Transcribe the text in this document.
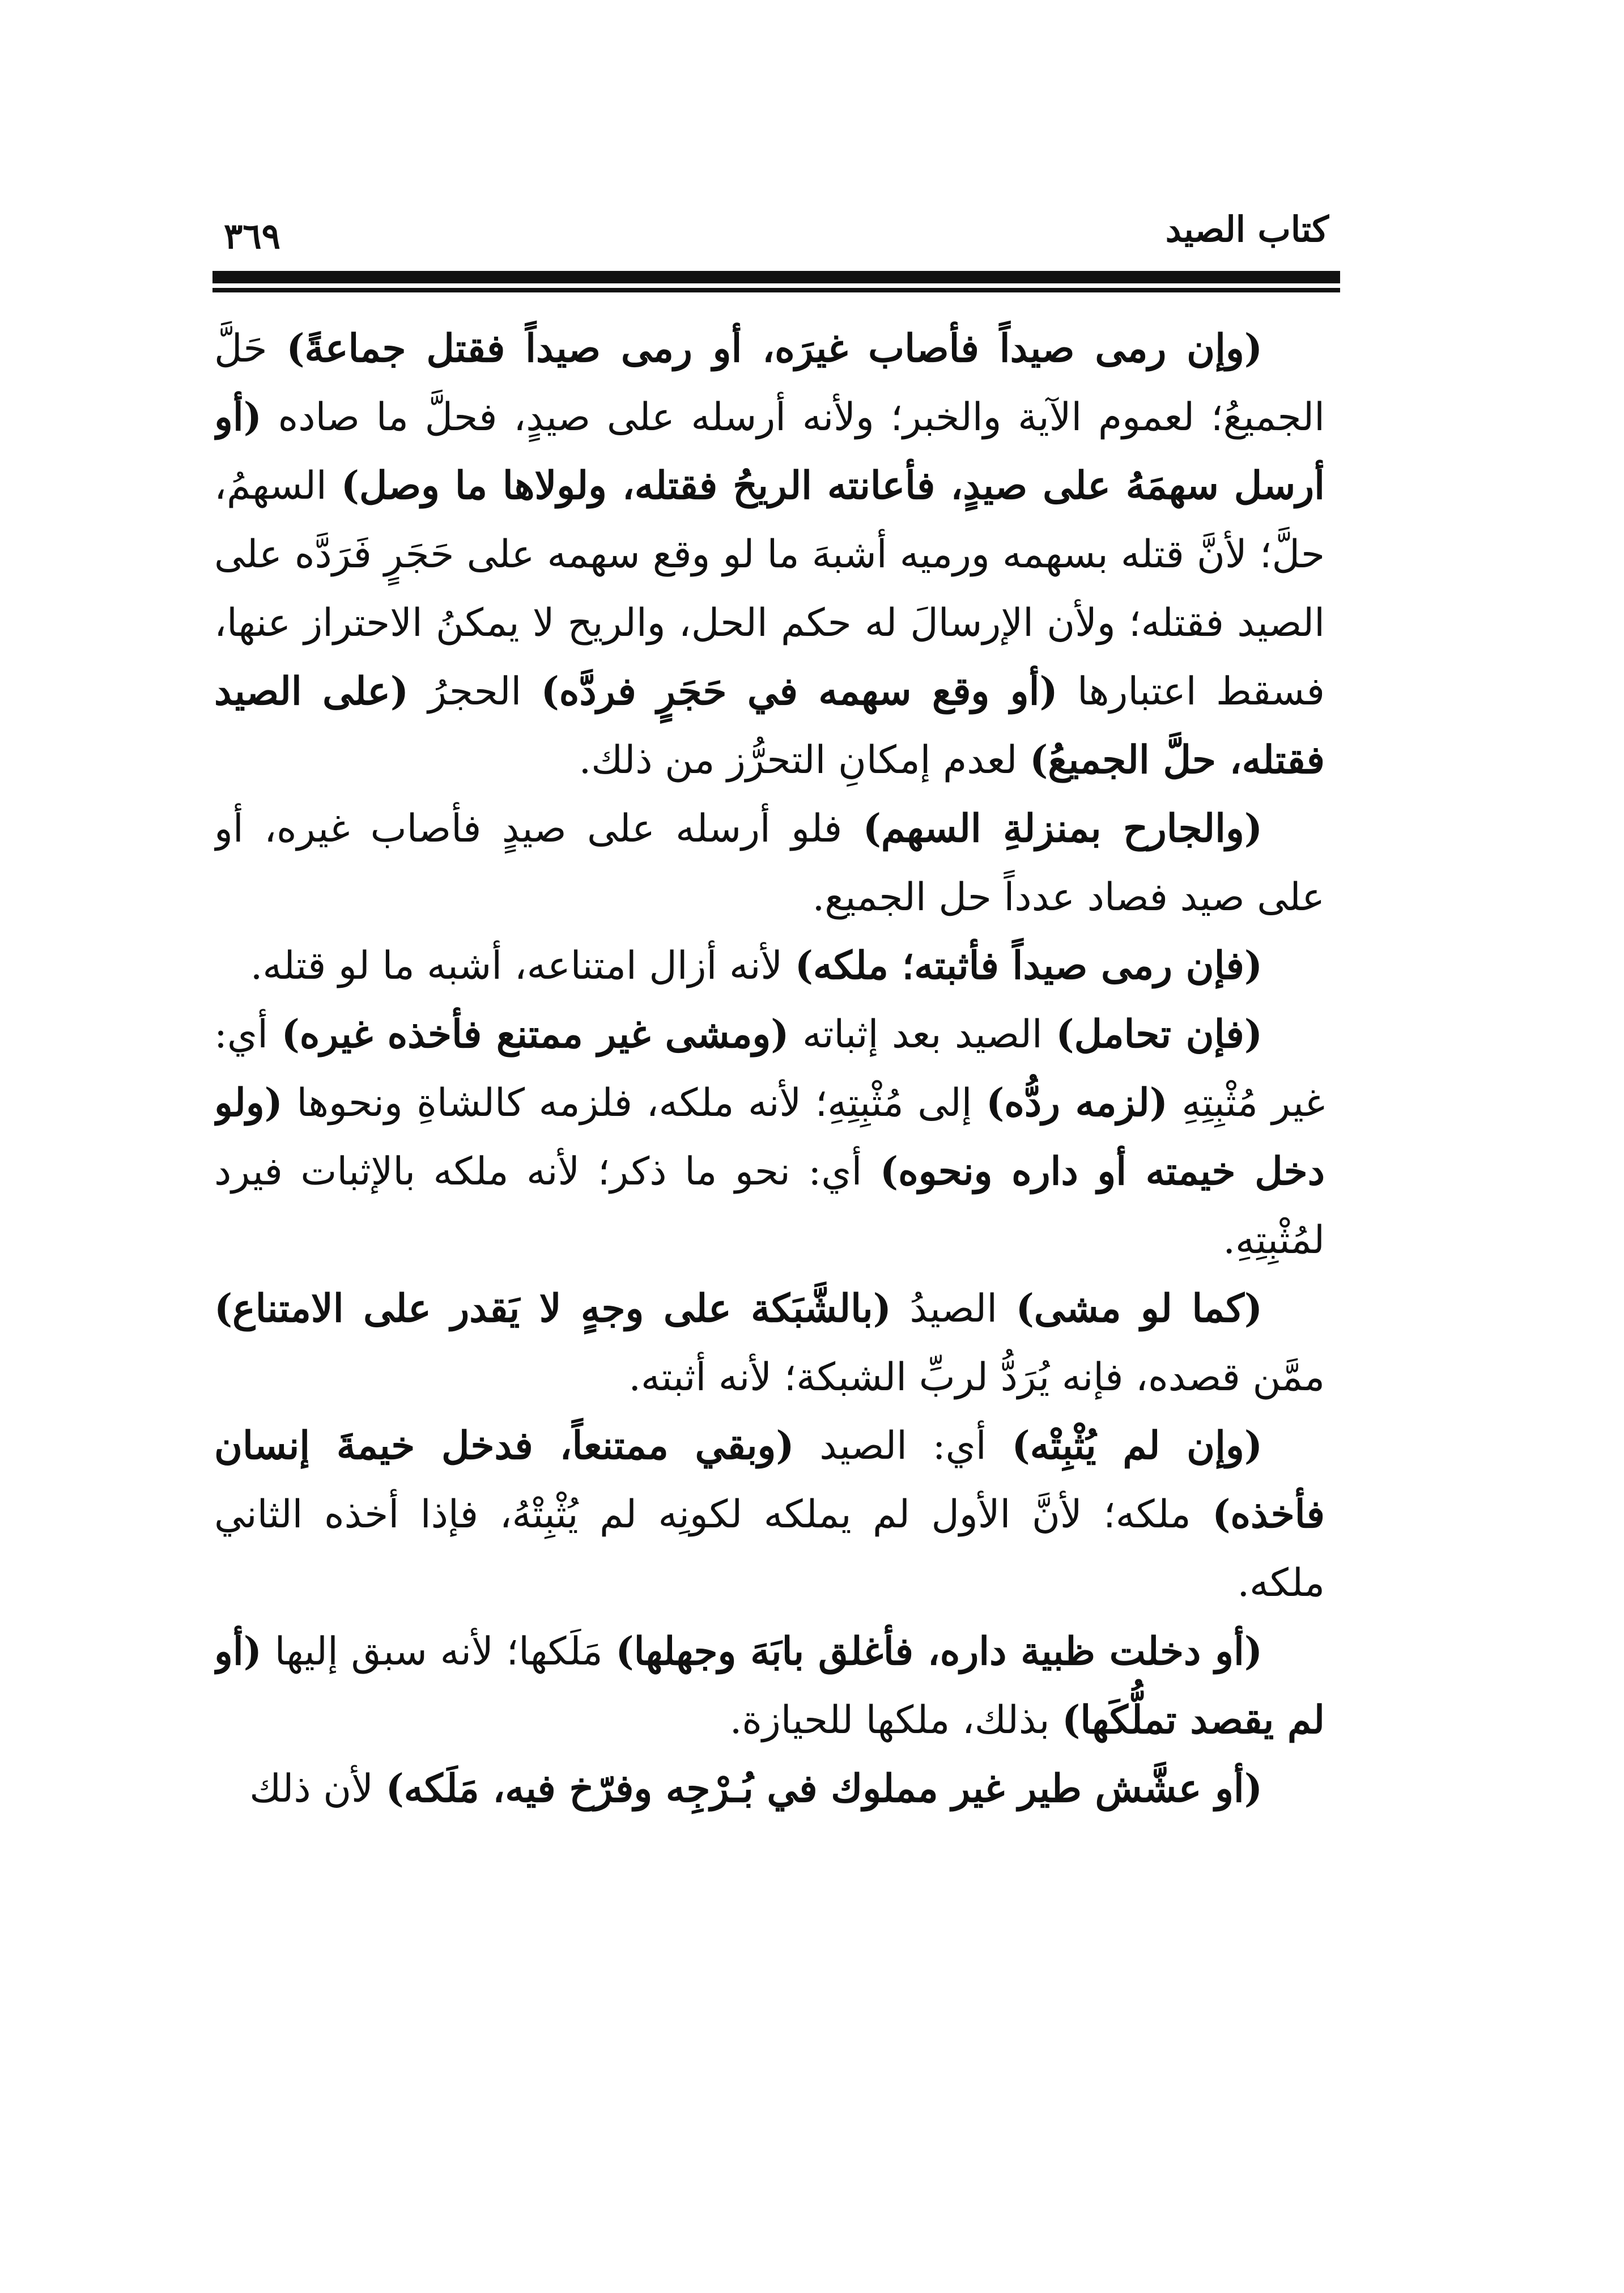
كتاب الصيد
٣٦٩

(وإن رمى صيداً فأصاب غيرَه، أو رمى صيداً فقتل جماعةً) حَلَّ الجميعُ؛ لعموم الآية والخبر؛ ولأنه أرسله على صيدٍ، فحلَّ ما صاده (أو أرسل سهمَهُ على صيدٍ، فأعانته الريحُ فقتله، ولولاها ما وصل) السهمُ، حلَّ؛ لأنَّ قتله بسهمه ورميه أشبهَ ما لو وقع سهمه على حَجَرٍ فَرَدَّه على الصيد فقتله؛ ولأن الإرسالَ له حكم الحل، والريح لا يمكنُ الاحتراز عنها، فسقط اعتبارها (أو وقع سهمه في حَجَرٍ فردَّه) الحجرُ (على الصيد فقتله، حلَّ الجميعُ) لعدم إمكانِ التحرُّز من ذلك.

(والجارح بمنزلةِ السهم) فلو أرسله على صيدٍ فأصاب غيره، أو على صيد فصاد عدداً حل الجميع.

(فإن رمى صيداً فأثبته؛ ملكه) لأنه أزال امتناعه، أشبه ما لو قتله.

(فإن تحامل) الصيد بعد إثباته (ومشى غير ممتنع فأخذه غيره) أي: غير مُثْبِتِهِ (لزمه ردُّه) إلى مُثْبِتِهِ؛ لأنه ملكه، فلزمه كالشاةِ ونحوها (ولو دخل خيمته أو داره ونحوه) أي: نحو ما ذكر؛ لأنه ملكه بالإثبات فيرد لمُثْبِتِهِ.

(كما لو مشى) الصيدُ (بالشَّبَكة على وجهٍ لا يَقدر على الامتناع) ممَّن قصده، فإنه يُرَدُّ لربِّ الشبكة؛ لأنه أثبته.

(وإن لم يُثْبِتْه) أي: الصيد (وبقي ممتنعاً، فدخل خيمةَ إنسان فأخذه) ملكه؛ لأنَّ الأول لم يملكه لكونِه لم يُثْبِتْهُ، فإذا أخذه الثاني ملكه.

(أو دخلت ظبية داره، فأغلق بابَهَ وجهلها) مَلَكها؛ لأنه سبق إليها (أو لم يقصد تملُّكَها) بذلك، ملكها للحيازة.

(أو عشَّش طير غير مملوك في بُـرْجِه وفرّخ فيه، مَلَكه) لأن ذلك
